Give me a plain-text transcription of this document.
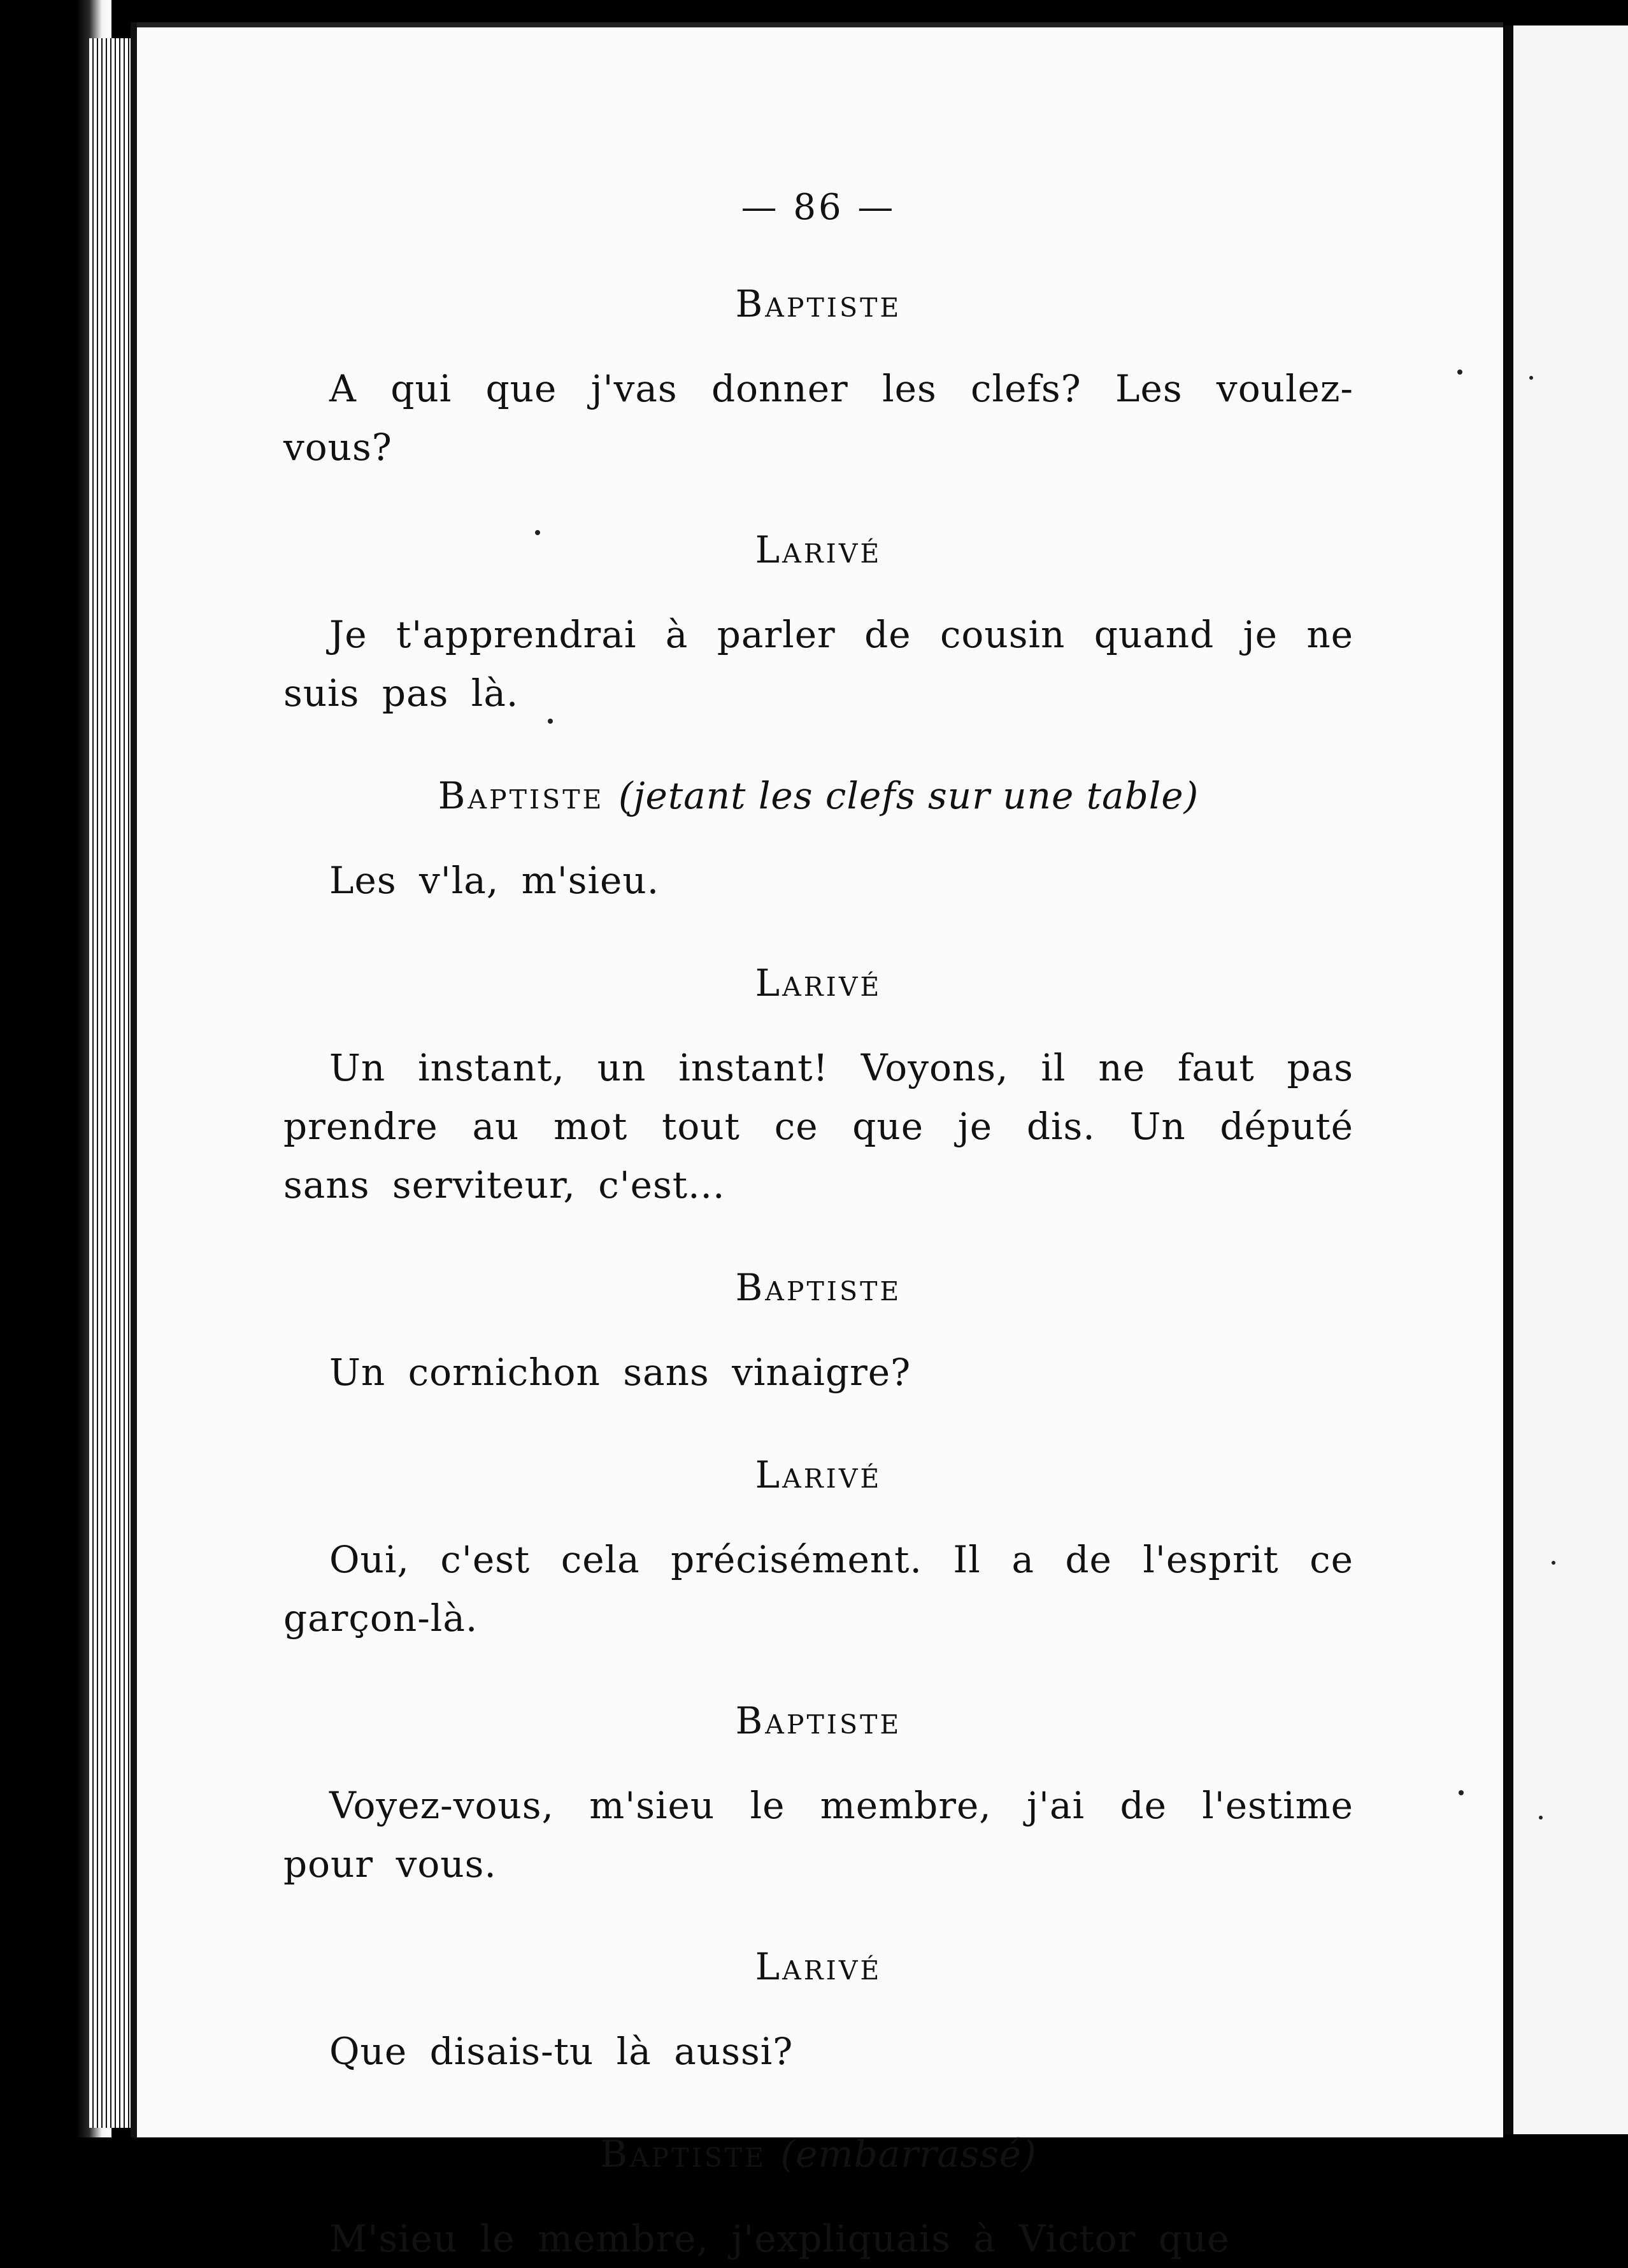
— 86 —
Baptiste

A qui que j'vas donner les clefs? Les voulez-vous?

Larivé

Je t'apprendrai à parler de cousin quand je ne suis pas là.

Baptiste (jetant les clefs sur une table)

Les v'la, m'sieu.

Larivé

Un instant, un instant! Voyons, il ne faut pas prendre au mot tout ce que je dis. Un député sans serviteur, c'est...

Baptiste

Un cornichon sans vinaigre?

Larivé

Oui, c'est cela précisément. Il a de l'esprit ce garçon-là.

Baptiste

Voyez-vous, m'sieu le membre, j'ai de l'estime pour vous.

Larivé

Que disais-tu là aussi?

Baptiste (embarrassé)

M'sieu le membre, j'expliquais à Victor que
